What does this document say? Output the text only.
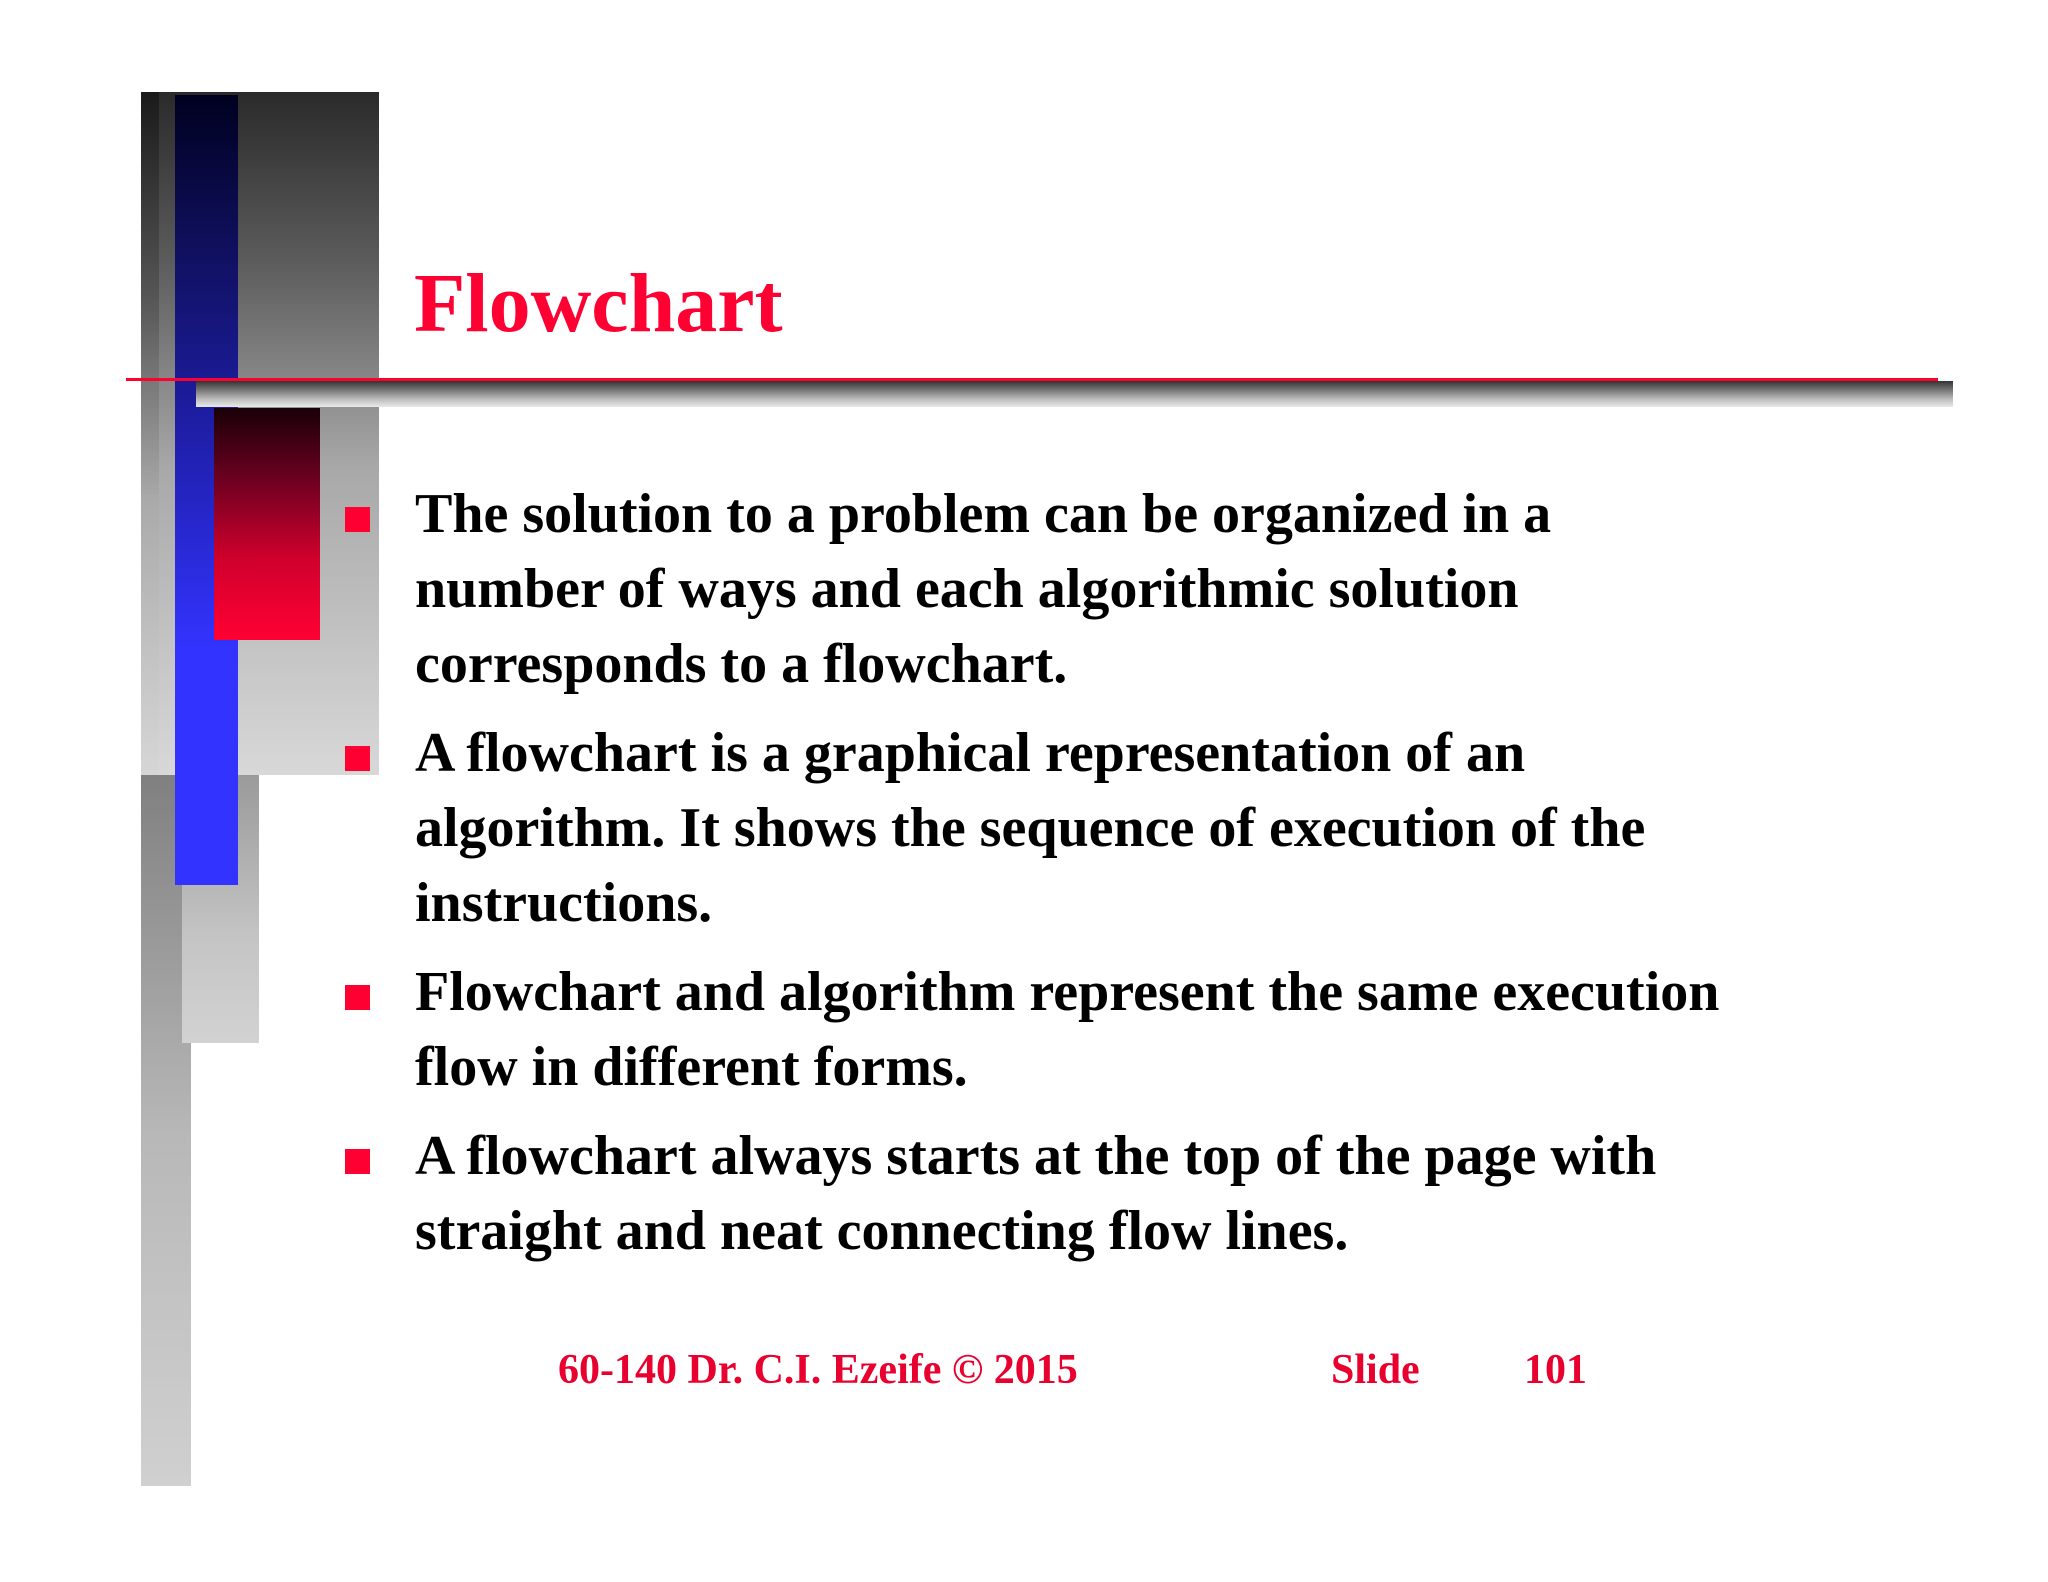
Flowchart
The solution to a problem can be organized in a
number of ways and each algorithmic solution
corresponds to a flowchart.
A flowchart is a graphical representation of an
algorithm. It shows the sequence of execution of the
instructions.
Flowchart and algorithm represent the same execution
flow in different forms.
A flowchart always starts at the top of the page with
straight and neat connecting flow lines.
60-140 Dr. C.I. Ezeife © 2015	Slide 101
